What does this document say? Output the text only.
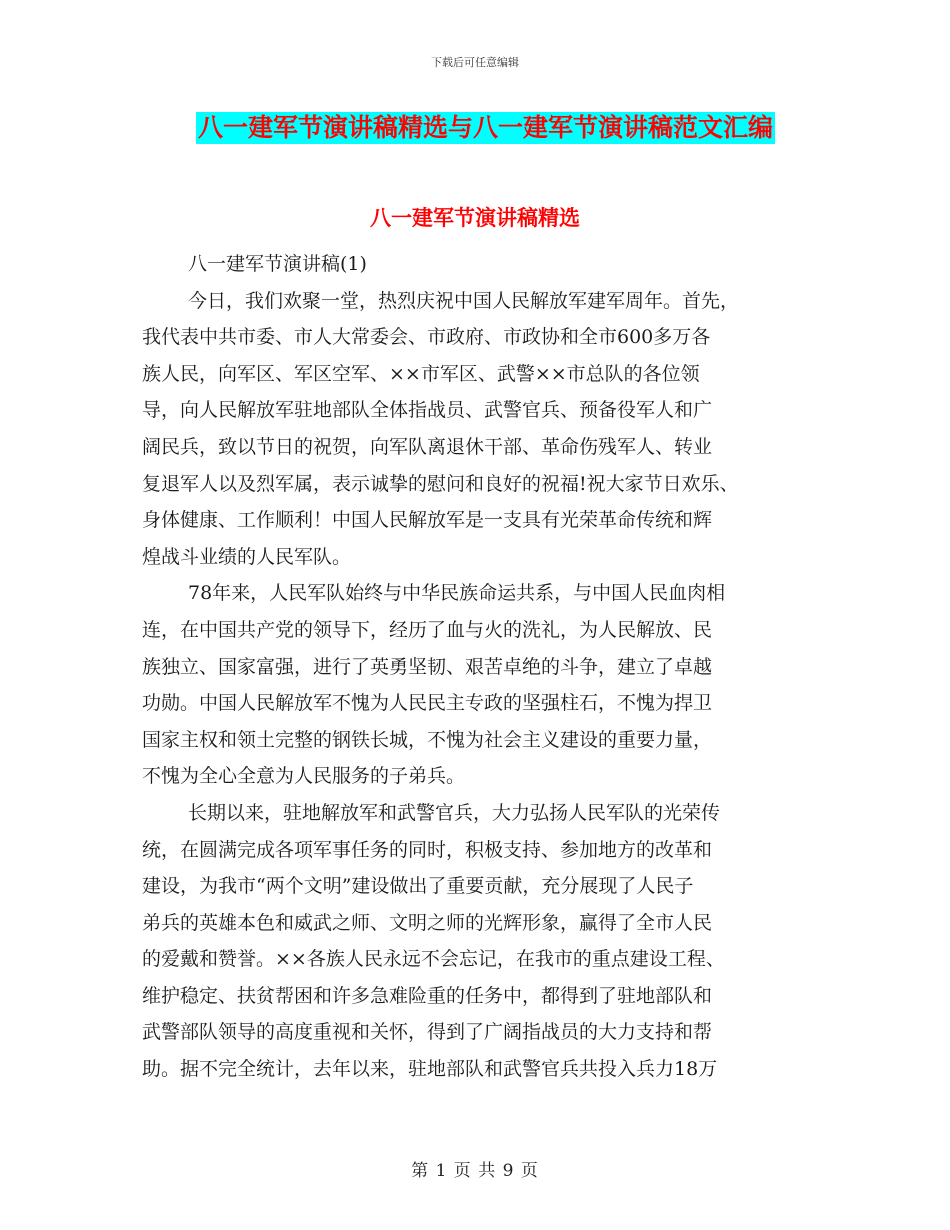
下载后可任意编辑
八一建军节演讲稿精选与八一建军节演讲稿范文汇编
八一建军节演讲稿精选
八一建军节演讲稿(1)
今日，我们欢聚一堂，热烈庆祝中国人民解放军建军周年。首先，
我代表中共市委、市人大常委会、市政府、市政协和全市600多万各
族人民，向军区、军区空军、××市军区、武警××市总队的各位领
导，向人民解放军驻地部队全体指战员、武警官兵、预备役军人和广
阔民兵，致以节日的祝贺，向军队离退休干部、革命伤残军人、转业
复退军人以及烈军属，表示诚挚的慰问和良好的祝福!祝大家节日欢乐、
身体健康、工作顺利！中国人民解放军是一支具有光荣革命传统和辉
煌战斗业绩的人民军队。
78年来，人民军队始终与中华民族命运共系，与中国人民血肉相
连，在中国共产党的领导下，经历了血与火的洗礼，为人民解放、民
族独立、国家富强，进行了英勇坚韧、艰苦卓绝的斗争，建立了卓越
功勋。中国人民解放军不愧为人民民主专政的坚强柱石，不愧为捍卫
国家主权和领土完整的钢铁长城，不愧为社会主义建设的重要力量，
不愧为全心全意为人民服务的子弟兵。
长期以来，驻地解放军和武警官兵，大力弘扬人民军队的光荣传
统，在圆满完成各项军事任务的同时，积极支持、参加地方的改革和
建设，为我市“两个文明”建设做出了重要贡献，充分展现了人民子
弟兵的英雄本色和威武之师、文明之师的光辉形象，赢得了全市人民
的爱戴和赞誉。××各族人民永远不会忘记，在我市的重点建设工程、
维护稳定、扶贫帮困和许多急难险重的任务中，都得到了驻地部队和
武警部队领导的高度重视和关怀，得到了广阔指战员的大力支持和帮
助。据不完全统计，去年以来，驻地部队和武警官兵共投入兵力18万
第 1 页 共 9 页
